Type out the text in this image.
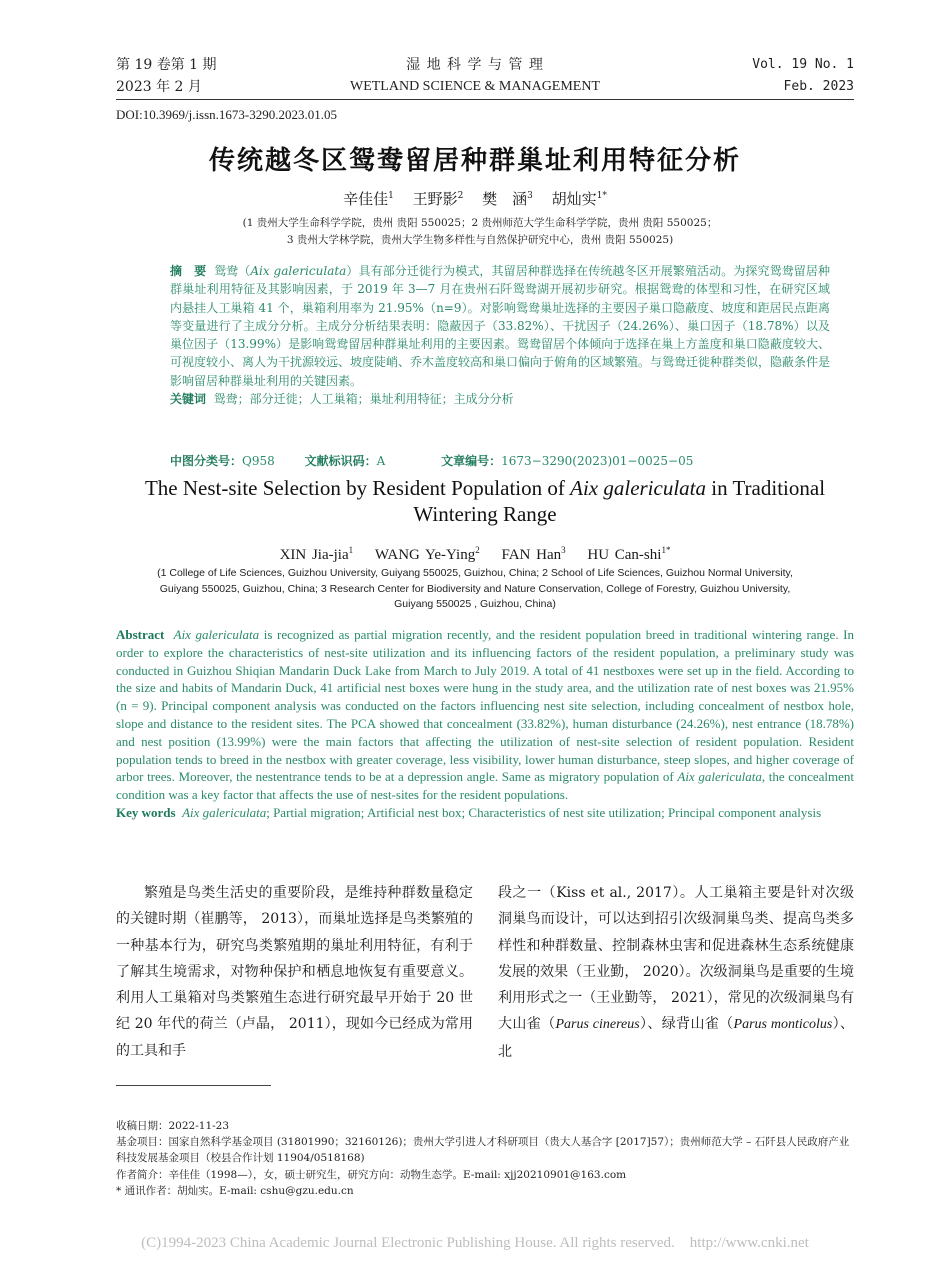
第 19 卷第 1 期
2023 年 2 月
湿 地 科 学 与 管 理
WETLAND SCIENCE & MANAGEMENT
Vol. 19 No. 1
Feb. 2023
DOI:10.3969/j.issn.1673-3290.2023.01.05
传统越冬区鸳鸯留居种群巢址利用特征分析
辛佳佳$^1$ 王野影$^2$ 樊　涵$^3$ 胡灿实$^{1*}$
(1 贵州大学生命科学学院，贵州 贵阳 550025；2 贵州师范大学生命科学学院，贵州 贵阳 550025；
3 贵州大学林学院，贵州大学生物多样性与自然保护研究中心，贵州 贵阳 550025)
摘　要 鸳鸯（Aix galericulata）具有部分迁徙行为模式，其留居种群选择在传统越冬区开展繁殖活动。为探究鸳鸯留居种群巢址利用特征及其影响因素，于 2019 年 3—7 月在贵州石阡鸳鸯湖开展初步研究。根据鸳鸯的体型和习性，在研究区域内悬挂人工巢箱 41 个，巢箱利用率为 21.95%（n=9）。对影响鸳鸯巢址选择的主要因子巢口隐蔽度、坡度和距居民点距离等变量进行了主成分分析。主成分分析结果表明：隐蔽因子（33.82%）、干扰因子（24.26%）、巢口因子（18.78%）以及巢位因子（13.99%）是影响鸳鸯留居种群巢址利用的主要因素。鸳鸯留居个体倾向于选择在巢上方盖度和巢口隐蔽度较大、可视度较小、离人为干扰源较远、坡度陡峭、乔木盖度较高和巢口偏向于俯角的区域繁殖。与鸳鸯迁徙种群类似，隐蔽条件是影响留居种群巢址利用的关键因素。
关键词 鸳鸯；部分迁徙；人工巢箱；巢址利用特征；主成分分析
中图分类号：Q958 文献标识码：A	文章编号：1673−3290(2023)01−0025−05
The Nest-site Selection by Resident Population of Aix galericulata in Traditional Wintering Range
XIN Jia-jia$^1$ WANG Ye-Ying$^2$ FAN Han$^3$ HU Can-shi$^{1*}$
(1 College of Life Sciences, Guizhou University, Guiyang 550025, Guizhou, China; 2 School of Life Sciences, Guizhou Normal University, Guiyang 550025, Guizhou, China; 3 Research Center for Biodiversity and Nature Conservation, College of Forestry, Guizhou University, Guiyang 550025 , Guizhou, China)
Abstract Aix galericulata is recognized as partial migration recently, and the resident population breed in traditional wintering range. In order to explore the characteristics of nest-site utilization and its influencing factors of the resident population, a preliminary study was conducted in Guizhou Shiqian Mandarin Duck Lake from March to July 2019. A total of 41 nestboxes were set up in the field. According to the size and habits of Mandarin Duck, 41 artificial nest boxes were hung in the study area, and the utilization rate of nest boxes was 21.95% (n = 9). Principal component analysis was conducted on the factors influencing nest site selection, including concealment of nestbox hole, slope and distance to the resident sites. The PCA showed that concealment (33.82%), human disturbance (24.26%), nest entrance (18.78%) and nest position (13.99%) were the main factors that affecting the utilization of nest-site selection of resident population. Resident population tends to breed in the nestbox with greater coverage, less visibility, lower human disturbance, steep slopes, and higher coverage of arbor trees. Moreover, the nestentrance tends to be at a depression angle. Same as migratory population of Aix galericulata, the concealment condition was a key factor that affects the use of nest-sites for the resident populations.
Key words Aix galericulata; Partial migration; Artificial nest box; Characteristics of nest site utilization; Principal component analysis
繁殖是鸟类生活史的重要阶段，是维持种群数量稳定的关键时期（崔鹏等， 2013），而巢址选择是鸟类繁殖的一种基本行为，研究鸟类繁殖期的巢址利用特征，有利于了解其生境需求，对物种保护和栖息地恢复有重要意义。利用人工巢箱对鸟类繁殖生态进行研究最早开始于 20 世纪 20 年代的荷兰（卢晶， 2011），现如今已经成为常用的工具和手
段之一（Kiss et al., 2017）。人工巢箱主要是针对次级洞巢鸟而设计，可以达到招引次级洞巢鸟类、提高鸟类多样性和种群数量、控制森林虫害和促进森林生态系统健康发展的效果（王业勤， 2020）。次级洞巢鸟是重要的生境利用形式之一（王业勤等， 2021），常见的次级洞巢鸟有大山雀（Parus cinereus）、绿背山雀（Parus monticolus）、北

收稿日期：2022-11-23

基金项目：国家自然科学基金项目 (31801990；32160126)；贵州大学引进人才科研项目（贵大人基合字 [2017]57）；贵州师范大学 – 石阡县人民政府产业科技发展基金项目（校县合作计划 11904/0518168)

作者简介：辛佳佳（1998—），女，硕士研究生，研究方向：动物生态学。E-mail: xjj20210901@163.com

* 通讯作者：胡灿实。E-mail: cshu@gzu.edu.cn

(C)1994-2023 China Academic Journal Electronic Publishing House. All rights reserved.    http://www.cnki.net
